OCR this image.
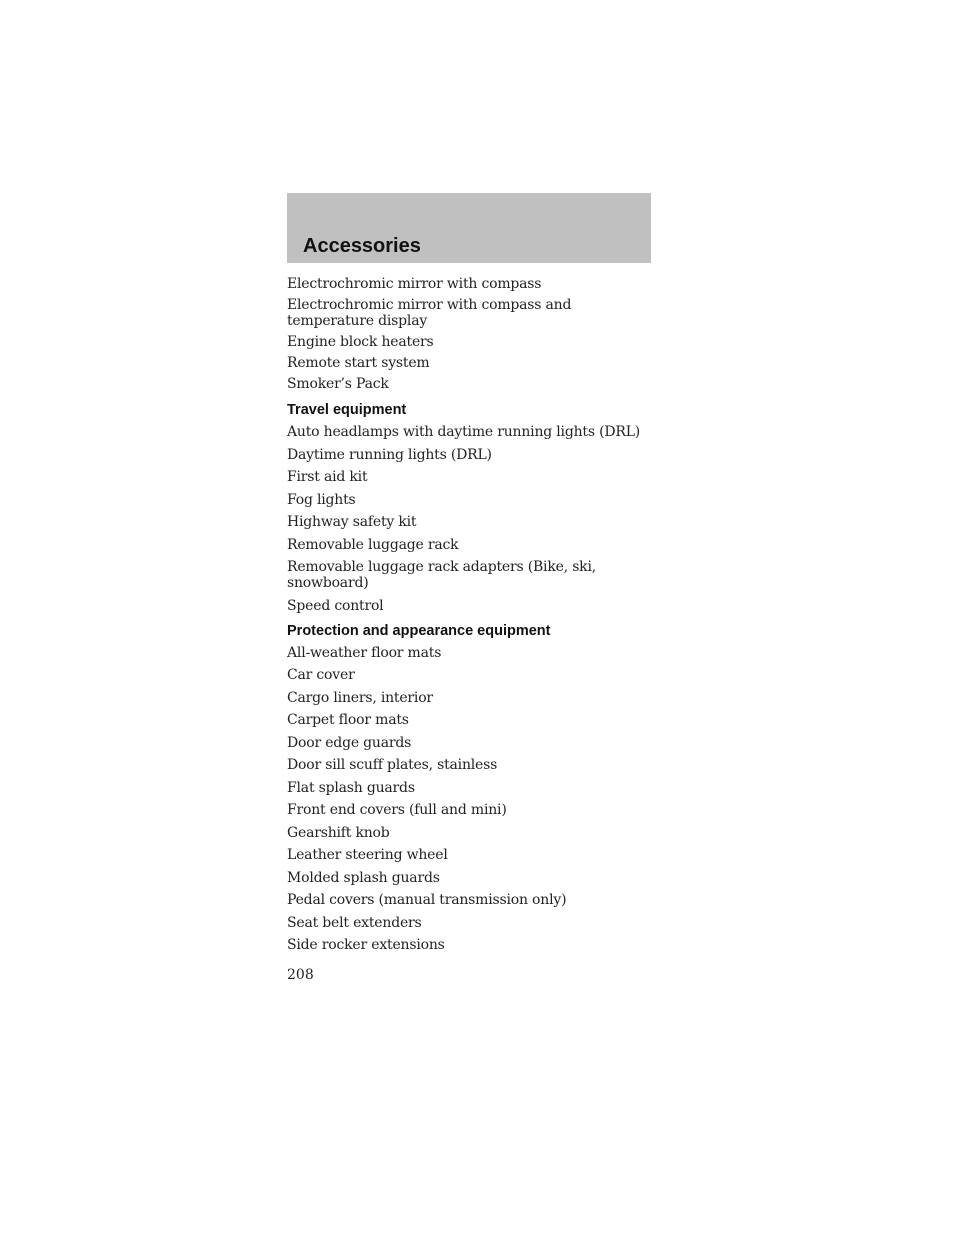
Accessories
Electrochromic mirror with compass
Electrochromic mirror with compass and temperature display
Engine block heaters
Remote start system
Smoker’s Pack
Travel equipment
Auto headlamps with daytime running lights (DRL)
Daytime running lights (DRL)
First aid kit
Fog lights
Highway safety kit
Removable luggage rack
Removable luggage rack adapters (Bike, ski, snowboard)
Speed control
Protection and appearance equipment
All-weather floor mats
Car cover
Cargo liners, interior
Carpet floor mats
Door edge guards
Door sill scuff plates, stainless
Flat splash guards
Front end covers (full and mini)
Gearshift knob
Leather steering wheel
Molded splash guards
Pedal covers (manual transmission only)
Seat belt extenders
Side rocker extensions
208
